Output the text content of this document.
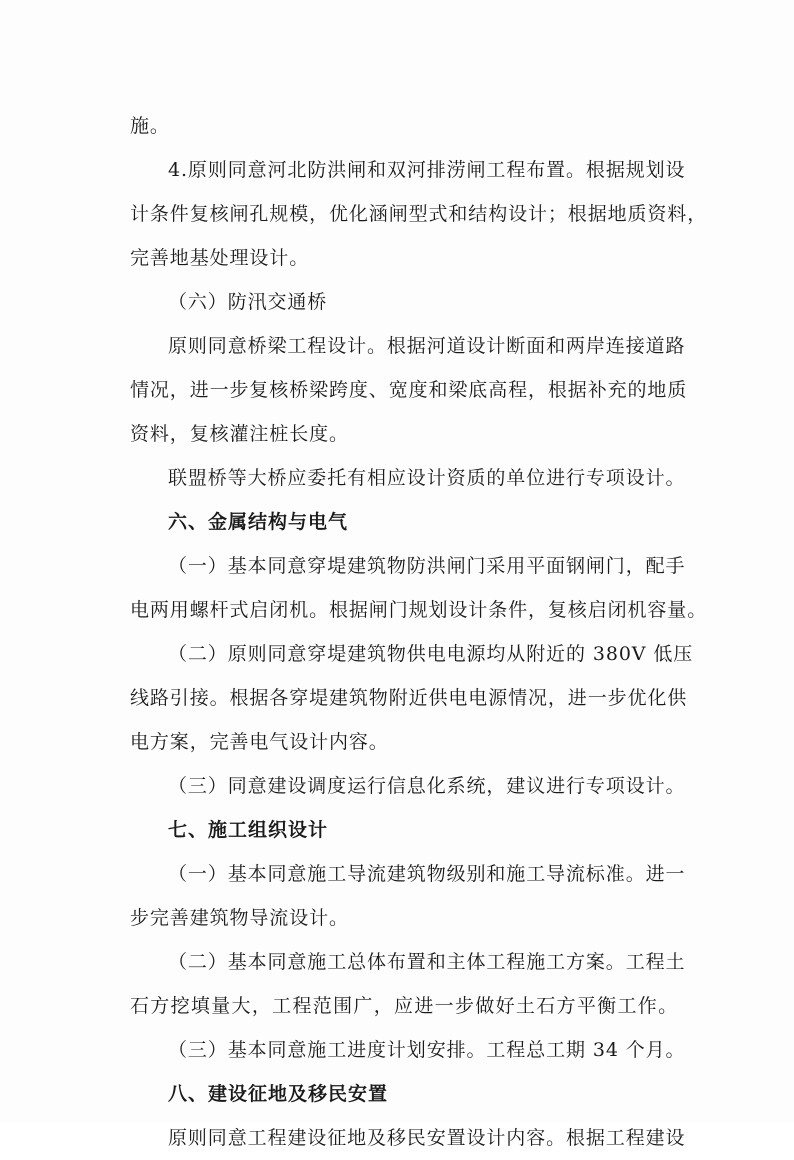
施。
4.原则同意河北防洪闸和双河排涝闸工程布置。根据规划设
计条件复核闸孔规模，优化涵闸型式和结构设计；根据地质资料，
完善地基处理设计。
（六）防汛交通桥
原则同意桥梁工程设计。根据河道设计断面和两岸连接道路
情况，进一步复核桥梁跨度、宽度和梁底高程，根据补充的地质
资料，复核灌注桩长度。
联盟桥等大桥应委托有相应设计资质的单位进行专项设计。
六、金属结构与电气
（一）基本同意穿堤建筑物防洪闸门采用平面钢闸门，配手
电两用螺杆式启闭机。根据闸门规划设计条件，复核启闭机容量。
（二）原则同意穿堤建筑物供电电源均从附近的 380V 低压
线路引接。根据各穿堤建筑物附近供电电源情况，进一步优化供
电方案，完善电气设计内容。
（三）同意建设调度运行信息化系统，建议进行专项设计。
七、施工组织设计
（一）基本同意施工导流建筑物级别和施工导流标准。进一
步完善建筑物导流设计。
（二）基本同意施工总体布置和主体工程施工方案。工程土
石方挖填量大，工程范围广，应进一步做好土石方平衡工作。
（三）基本同意施工进度计划安排。工程总工期 34 个月。
八、建设征地及移民安置
原则同意工程建设征地及移民安置设计内容。根据工程建设
